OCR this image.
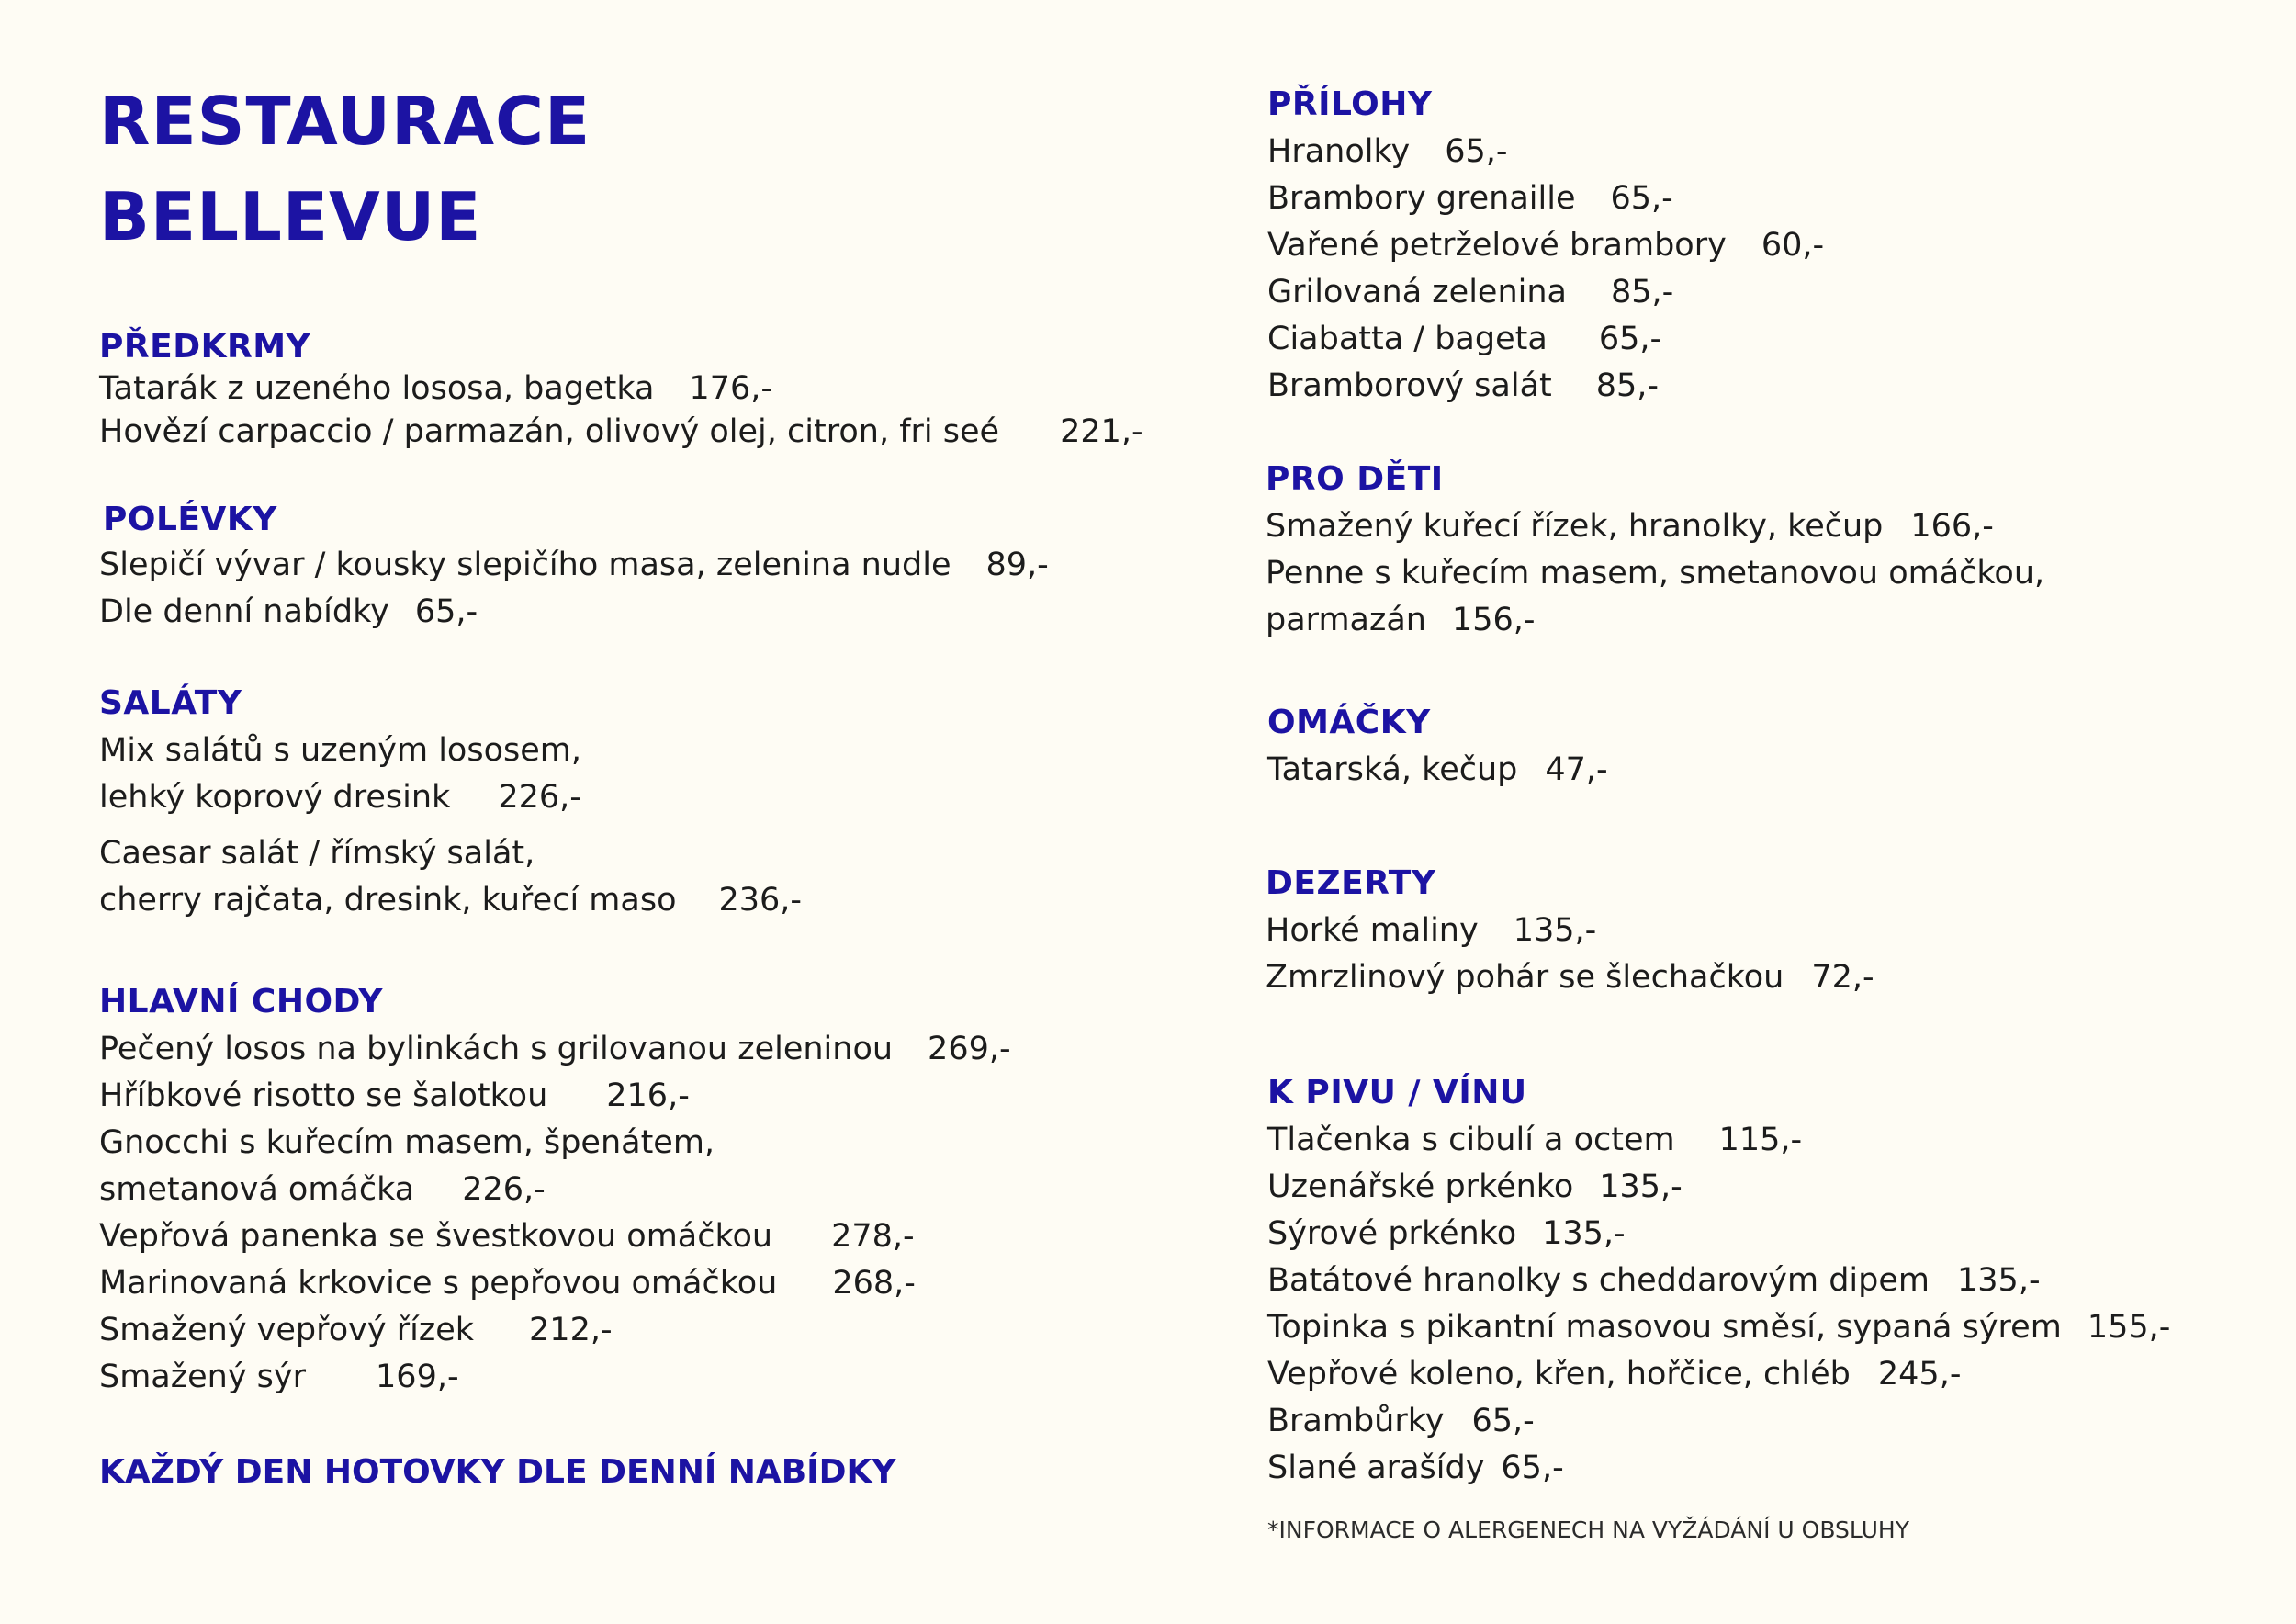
RESTAURACE
BELLEVUE
PŘEDKRMY
Tatarák z uzeného lososa, bagetka 176,-
Hovězí carpaccio / parmazán, olivový olej, citron, fri seé 221,-
POLÉVKY
Slepičí vývar / kousky slepičího masa, zelenina nudle 89,-
Dle denní nabídky 65,-
SALÁTY
Mix salátů s uzeným lososem,
lehký koprový dresink 226,-
Caesar salát / římský salát,
cherry rajčata, dresink, kuřecí maso 236,-
HLAVNÍ CHODY
Pečený losos na bylinkách s grilovanou zeleninou 269,-
Hříbkové risotto se šalotkou 216,-
Gnocchi s kuřecím masem, špenátem,
smetanová omáčka 226,-
Vepřová panenka se švestkovou omáčkou 278,-
Marinovaná krkovice s pepřovou omáčkou 268,-
Smažený vepřový řízek 212,-
Smažený sýr 169,-
KAŽDÝ DEN HOTOVKY DLE DENNÍ NABÍDKY
PŘÍLOHY
Hranolky 65,-
Brambory grenaille 65,-
Vařené petrželové brambory 60,-
Grilovaná zelenina 85,-
Ciabatta / bageta 65,-
Bramborový salát 85,-
PRO DĚTI
Smažený kuřecí řízek, hranolky, kečup 166,-
Penne s kuřecím masem, smetanovou omáčkou,
parmazán 156,-
OMÁČKY
Tatarská, kečup 47,-
DEZERTY
Horké maliny 135,-
Zmrzlinový pohár se šlechačkou 72,-
K PIVU / VÍNU
Tlačenka s cibulí a octem 115,-
Uzenářské prkénko 135,-
Sýrové prkénko 135,-
Batátové hranolky s cheddarovým dipem 135,-
Topinka s pikantní masovou směsí, sypaná sýrem 155,-
Vepřové koleno, křen, hořčice, chléb 245,-
Brambůrky 65,-
Slané arašídy 65,-
*INFORMACE O ALERGENECH NA VYŽÁDÁNÍ U OBSLUHY
